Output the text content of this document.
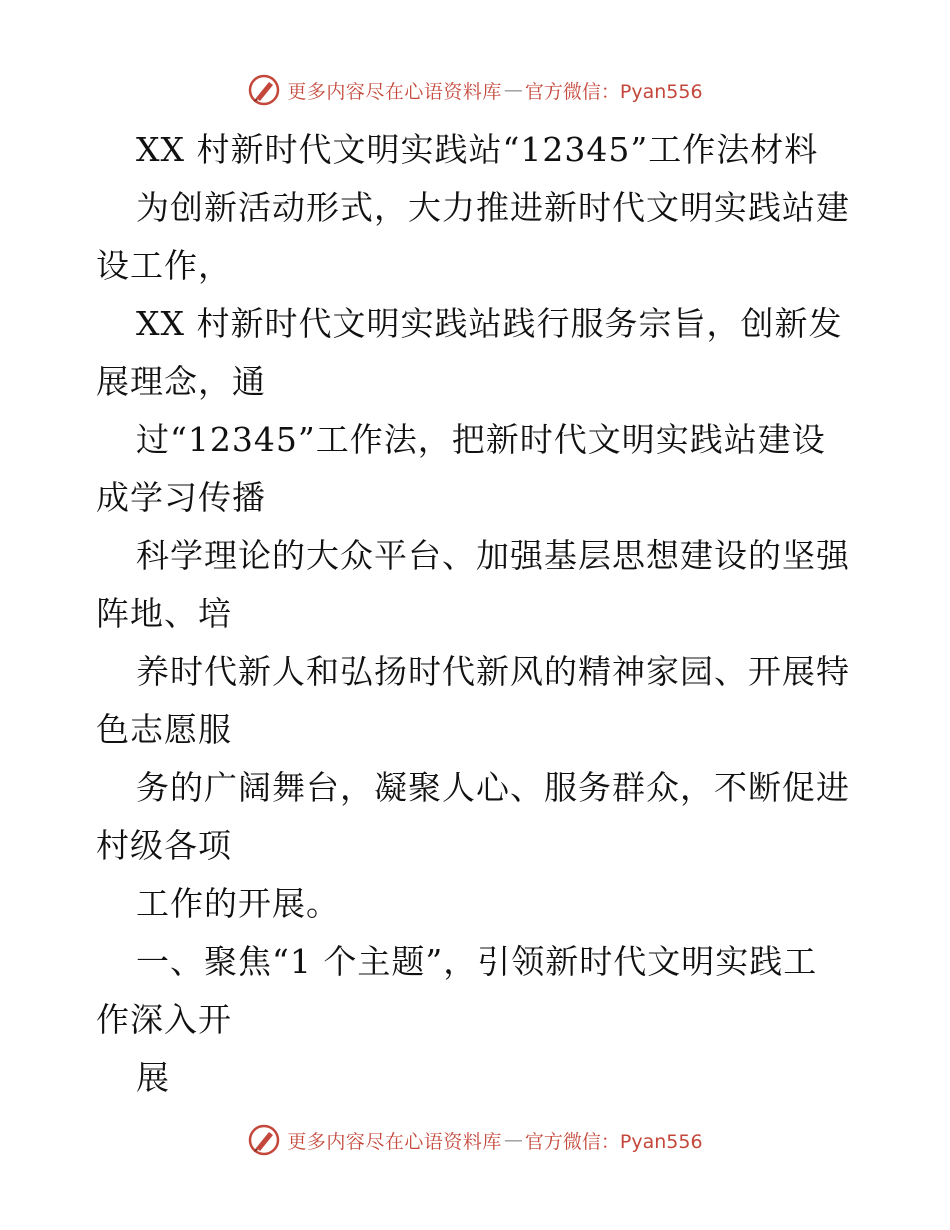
更多内容尽在心语资料库 — 官方微信：Pyan556
XX 村新时代文明实践站“12345”工作法材料
为创新活动形式，大力推进新时代文明实践站建
设工作，
XX 村新时代文明实践站践行服务宗旨，创新发
展理念，通
过“12345”工作法，把新时代文明实践站建设
成学习传播
科学理论的大众平台、加强基层思想建设的坚强
阵地、培
养时代新人和弘扬时代新风的精神家园、开展特
色志愿服
务的广阔舞台，凝聚人心、服务群众，不断促进
村级各项
工作的开展。
一、聚焦“1 个主题”，引领新时代文明实践工
作深入开
展
更多内容尽在心语资料库 — 官方微信：Pyan556
